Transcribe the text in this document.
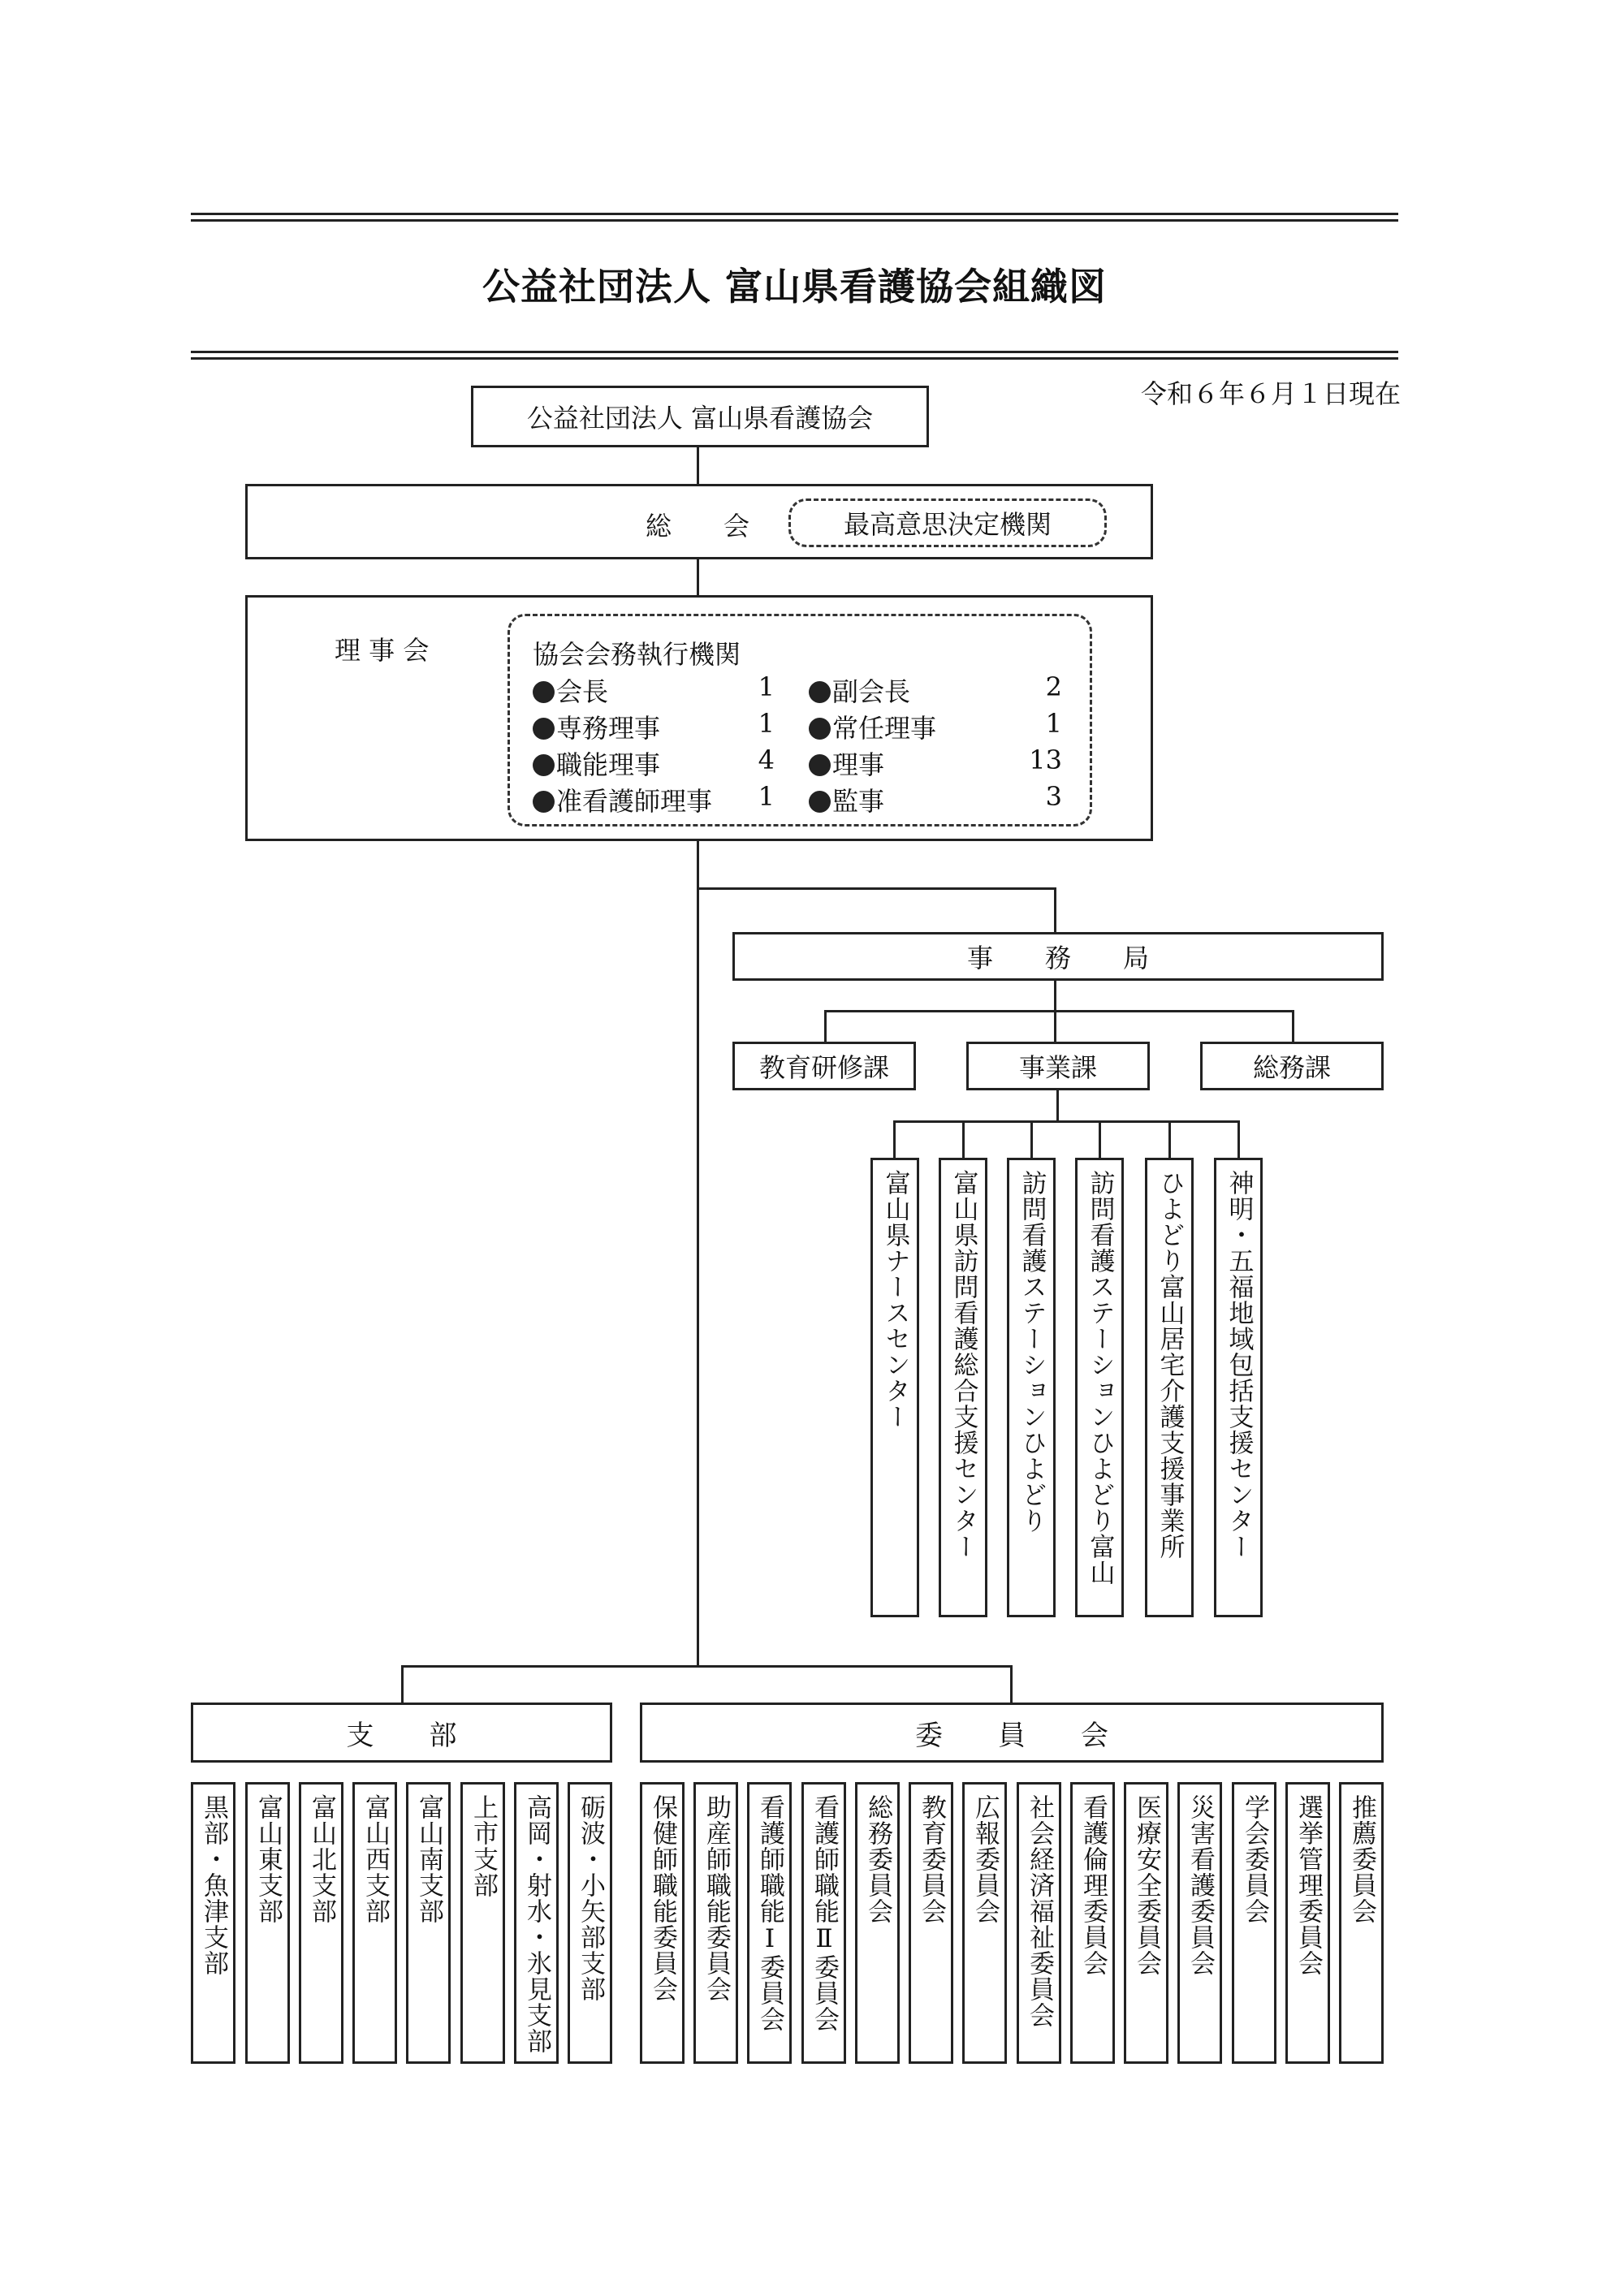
公益社団法人 富山県看護協会組織図
令和６年６月１日現在
公益社団法人 富山県看護協会
総　　会	最高意思決定機関
理 事 会	協会会務執行機関
会長	1	副会長	2
専務理事	1	常任理事	1
職能理事	4	理事	13
准看護師理事	1	監事	3
事　　務　　局
教育研修課	事業課	総務課
富山県ナースセンター 富山県訪問看護総合支援センター 訪問看護ステーションひよどり 訪問看護ステーションひよどり富山 ひよどり富山居宅介護支援事業所 神明・五福地域包括支援センター
支　　部	委　　員　　会
黒部・魚津支部 富山東支部 富山北支部 富山西支部 富山南支部 上市支部 高岡・射水・氷見支部 砺波・小矢部支部 保健師職能委員会 助産師職能委員会 看護師職能Ⅰ委員会 看護師職能Ⅱ委員会 総務委員会 教育委員会 広報委員会 社会経済福祉委員会 看護倫理委員会 医療安全委員会 災害看護委員会 学会委員会 選挙管理委員会 推薦委員会
